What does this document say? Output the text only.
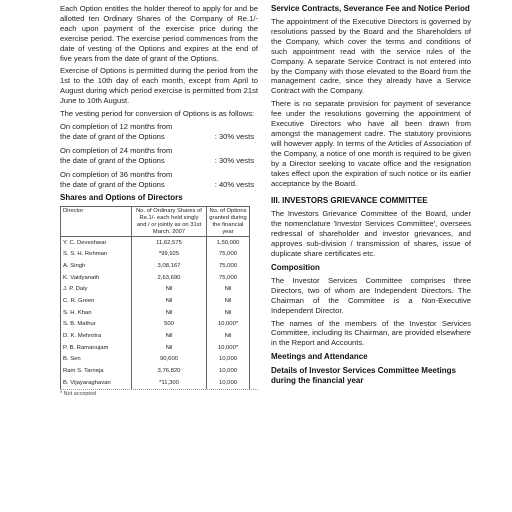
Each Option entitles the holder thereof to apply for and be allotted ten Ordinary Shares of the Company of Re.1/- each upon payment of the exercise price during the exercise period. The exercise period commences from the date of vesting of the Options and expires at the end of five years from the date of grant of the Options.

Exercise of Options is permitted during the period from the 1st to the 10th day of each month, except from April to August during which period exercise is permitted from 21st June to 10th August.

The vesting period for conversion of Options is as follows:

On completion of 12 months from
the date of grant of the Options	: 30% vests
On completion of 24 months from
the date of grant of the Options	: 30% vests
On completion of 36 months from
the date of grant of the Options	: 40% vests
Shares and Options of Directors
Director	No. of Ordinary Shares of Re.1/- each held singly and / or jointly as on 31st March, 2007	No. of Options granted during the financial year
Y. C. Deveshwar	11,62,575	1,50,000
S. S. H. Rehman	*99,925	75,000
A. Singh	3,08,167	75,000
K. Vaidyanath	2,63,690	75,000
J. P. Daly	Nil	Nil
C. R. Green	Nil	Nil
S. H. Khan	Nil	Nil
S. B. Mathur	500	10,000*
D. K. Mehrotra	Nil	Nil
P. B. Ramanujam	Nil	10,000*
B. Sen	90,600	10,000
Ram S. Tarneja	3,76,820	10,000
B. Vijayaraghavan	*11,300	10,000
* Not accepted
Service Contracts, Severance Fee and Notice Period

The appointment of the Executive Directors is governed by resolutions passed by the Board and the Shareholders of the Company, which cover the terms and conditions of such appointment read with the service rules of the Company. A separate Service Contract is not entered into by the Company with those elevated to the Board from the management cadre, since they already have a Service Contract with the Company.

There is no separate provision for payment of severance fee under the resolutions governing the appointment of Executive Directors who have all been drawn from amongst the management cadre. The statutory provisions will however apply. In terms of the Articles of Association of the Company, a notice of one month is required to be given by a Director seeking to vacate office and the resignation takes effect upon the expiration of such notice or its earlier acceptance by the Board.

III. INVESTORS GRIEVANCE COMMITTEE

The Investors Grievance Committee of the Board, under the nomenclature 'Investor Services Committee', oversees redressal of shareholder and investor grievances, and approves sub-division / transmission of shares, issue of duplicate share certificates etc.

Composition

The Investor Services Committee comprises three Directors, two of whom are Independent Directors. The Chairman of the Committee is a Non-Executive Independent Director.

The names of the members of the Investor Services Committee, including its Chairman, are provided elsewhere in the Report and Accounts.

Meetings and Attendance
Details of Investor Services Committee Meetings during the financial year
